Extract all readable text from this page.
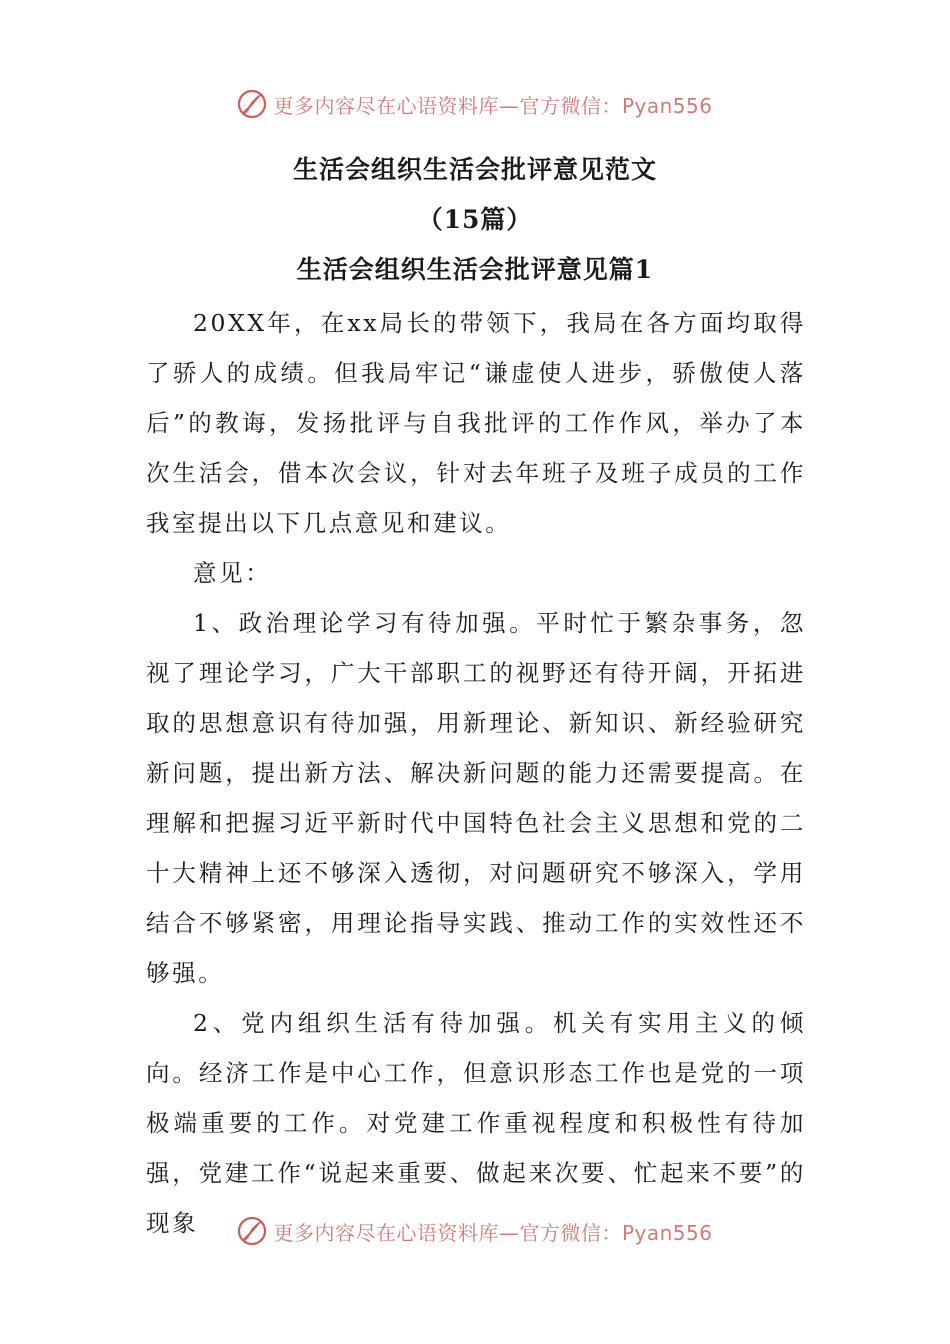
更多内容尽在心语资料库—官方微信：Pyan556
生活会组织生活会批评意见范文
（15篇）
生活会组织生活会批评意见篇1

20XX年，在xx局长的带领下，我局在各方面均取得了骄人的成绩。但我局牢记“谦虚使人进步，骄傲使人落后”的教诲，发扬批评与自我批评的工作作风，举办了本次生活会，借本次会议，针对去年班子及班子成员的工作我室提出以下几点意见和建议。

意见：

1、政治理论学习有待加强。平时忙于繁杂事务，忽视了理论学习，广大干部职工的视野还有待开阔，开拓进取的思想意识有待加强，用新理论、新知识、新经验研究新问题，提出新方法、解决新问题的能力还需要提高。在理解和把握习近平新时代中国特色社会主义思想和党的二十大精神上还不够深入透彻，对问题研究不够深入，学用结合不够紧密，用理论指导实践、推动工作的实效性还不够强。

2、党内组织生活有待加强。机关有实用主义的倾向。经济工作是中心工作，但意识形态工作也是党的一项极端重要的工作。对党建工作重视程度和积极性有待加强，党建工作“说起来重要、做起来次要、忙起来不要”的现象	更多内容尽在心语资料库—官方微信：Pyan556
